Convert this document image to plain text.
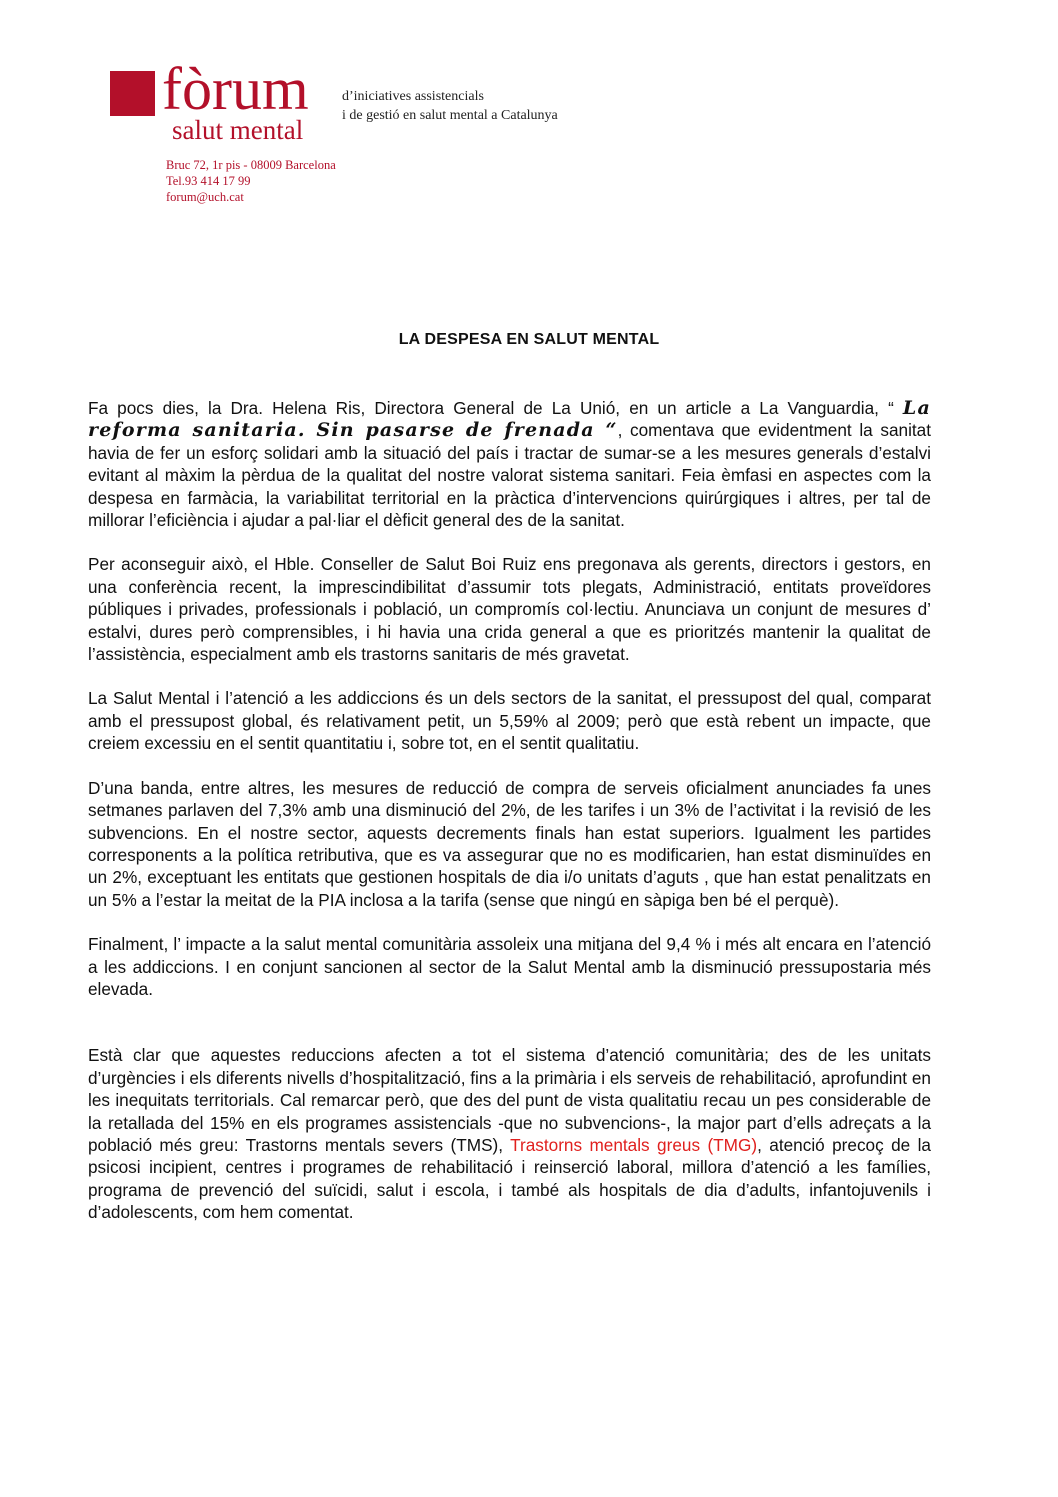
fòrum
salut mental
d’iniciatives assistencials
i de gestió en salut mental a Catalunya
Bruc 72, 1r pis - 08009 Barcelona
Tel.93 414 17 99
forum@uch.cat
LA DESPESA EN SALUT MENTAL

Fa pocs dies, la Dra. Helena Ris, Directora General de La Unió, en un article a La Vanguardia, “ La reforma sanitaria. Sin pasarse de frenada “, comentava que evidentment la sanitat havia de fer un esforç solidari amb la situació del país i tractar de sumar-se a les mesures generals d’estalvi evitant al màxim la pèrdua de la qualitat del nostre valorat sistema sanitari. Feia èmfasi en aspectes com la despesa en farmàcia, la variabilitat territorial en la pràctica d’intervencions quirúrgiques i altres, per tal de millorar l’eficiència i ajudar a pal·liar el dèficit general des de la sanitat.

Per aconseguir això, el Hble. Conseller de Salut Boi Ruiz ens pregonava als gerents, directors i gestors, en una conferència recent, la imprescindibilitat d’assumir tots plegats, Administració, entitats proveïdores públiques i privades, professionals i població, un compromís col·lectiu. Anunciava un conjunt de mesures d’ estalvi, dures però comprensibles, i hi havia una crida general a que es prioritzés mantenir la qualitat de l’assistència, especialment amb els trastorns sanitaris de més gravetat.

La Salut Mental i l’atenció a les addiccions és un dels sectors de la sanitat, el pressupost del qual, comparat amb el pressupost global, és relativament petit, un 5,59% al 2009; però que està rebent un impacte, que creiem excessiu en el sentit quantitatiu i, sobre tot, en el sentit qualitatiu.

D’una banda, entre altres, les mesures de reducció de compra de serveis oficialment anunciades fa unes setmanes parlaven del 7,3% amb una disminució del 2%, de les tarifes i un 3% de l’activitat i la revisió de les subvencions. En el nostre sector, aquests decrements finals han estat superiors. Igualment les partides corresponents a la política retributiva, que es va assegurar que no es modificarien, han estat disminuïdes en un 2%, exceptuant les entitats que gestionen hospitals de dia i/o unitats d’aguts , que han estat penalitzats en un 5% a l’estar la meitat de la PIA inclosa a la tarifa (sense que ningú en sàpiga ben bé el perquè).

Finalment, l’ impacte a la salut mental comunitària assoleix una mitjana del 9,4 % i més alt encara en l’atenció a les addiccions. I en conjunt sancionen al sector de la Salut Mental amb la disminució pressupostaria més elevada.

Està clar que aquestes reduccions afecten a tot el sistema d’atenció comunitària; des de les unitats d’urgències i els diferents nivells d’hospitalització, fins a la primària i els serveis de rehabilitació, aprofundint en les inequitats territorials. Cal remarcar però, que des del punt de vista qualitatiu recau un pes considerable de la retallada del 15% en els programes assistencials -que no subvencions-, la major part d’ells adreçats a la població més greu: Trastorns mentals severs (TMS), Trastorns mentals greus (TMG), atenció precoç de la psicosi incipient, centres i programes de rehabilitació i reinserció laboral, millora d’atenció a les famílies, programa de prevenció del suïcidi, salut i escola, i també als hospitals de dia d’adults, infantojuvenils i d’adolescents, com hem comentat.
